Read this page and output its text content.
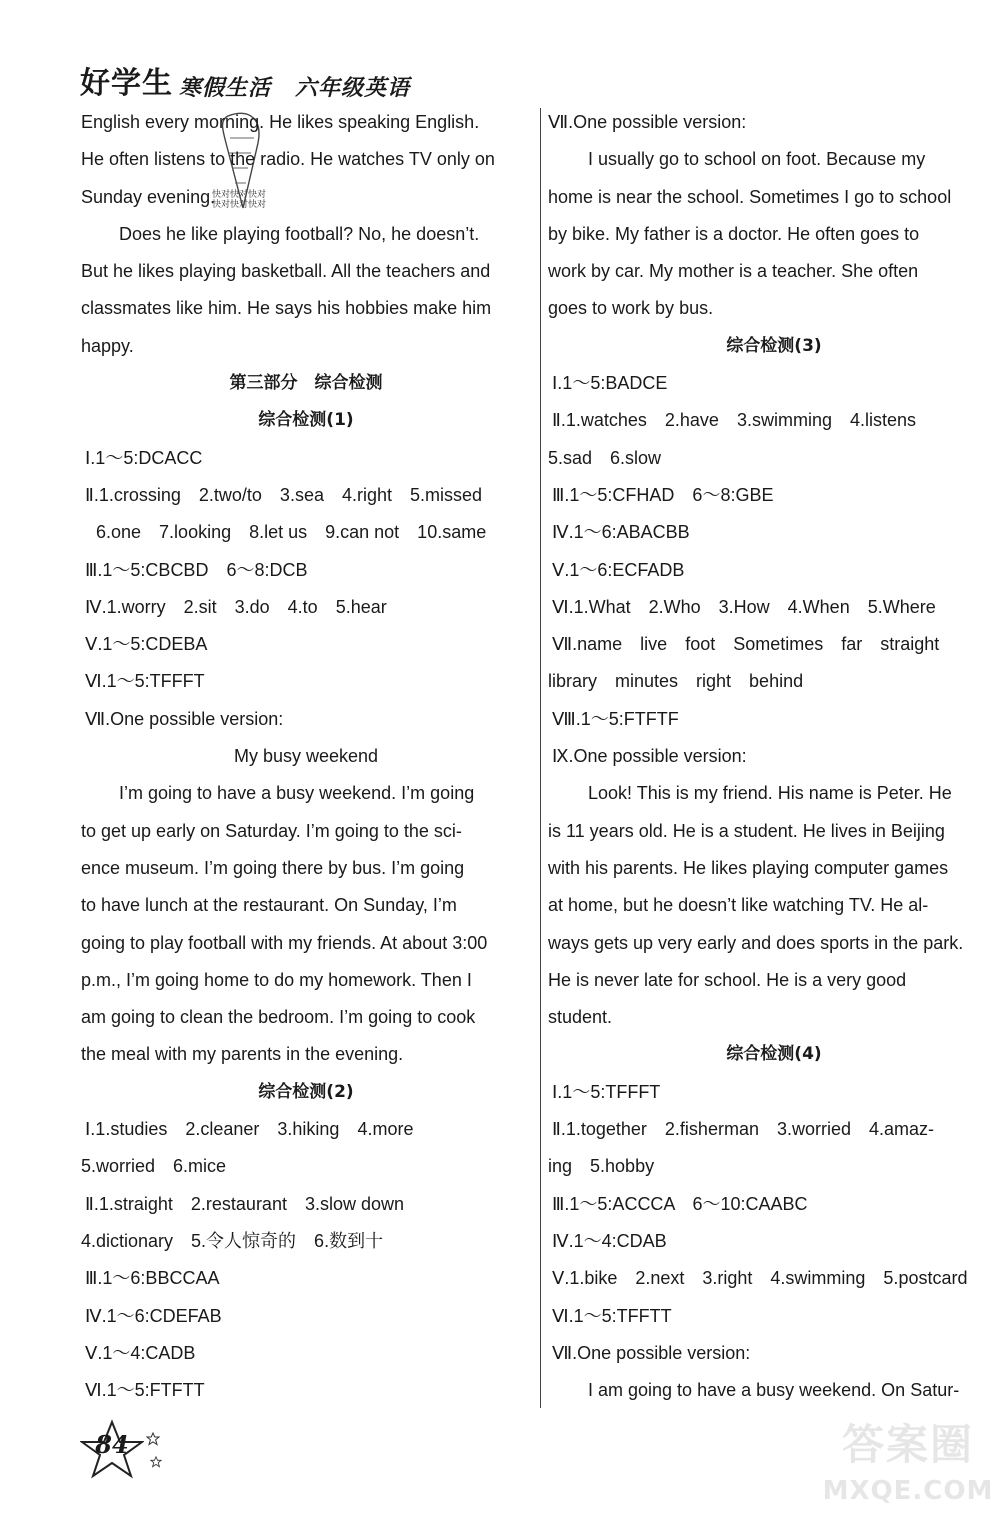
好学生 寒假生活 六年级英语
快对快对快对
快对快对快对
English every morning. He likes speaking English.
He often listens to the radio. He watches TV only on
Sunday evening.
Does he like playing football? No, he doesn’t.
But he likes playing basketball. All the teachers and
classmates like him. He says his hobbies make him
happy.
第三部分　综合检测
综合检测(1)
Ⅰ.1～5:DCACC
Ⅱ.1.crossing　2.two/to　3.sea　4.right　5.missed
6.one　7.looking　8.let us　9.can not　10.same
Ⅲ.1～5:CBCBD　6～8:DCB
Ⅳ.1.worry　2.sit　3.do　4.to　5.hear
Ⅴ.1～5:CDEBA
Ⅵ.1～5:TFFFT
Ⅶ.One possible version:
My busy weekend
I’m going to have a busy weekend. I’m going
to get up early on Saturday. I’m going to the sci-
ence museum. I’m going there by bus. I’m going
to have lunch at the restaurant. On Sunday, I’m
going to play football with my friends. At about 3:00
p.m., I’m going home to do my homework. Then I
am going to clean the bedroom. I’m going to cook
the meal with my parents in the evening.
综合检测(2)
Ⅰ.1.studies　2.cleaner　3.hiking　4.more
5.worried　6.mice
Ⅱ.1.straight　2.restaurant　3.slow down
4.dictionary　5.令人惊奇的　6.数到十
Ⅲ.1～6:BBCCAA
Ⅳ.1～6:CDEFAB
Ⅴ.1～4:CADB
Ⅵ.1～5:FTFTT
Ⅶ.One possible version:
I usually go to school on foot. Because my
home is near the school. Sometimes I go to school
by bike. My father is a doctor. He often goes to
work by car. My mother is a teacher. She often
goes to work by bus.
综合检测(3)
Ⅰ.1～5:BADCE
Ⅱ.1.watches　2.have　3.swimming　4.listens
5.sad　6.slow
Ⅲ.1～5:CFHAD　6～8:GBE
Ⅳ.1～6:ABACBB
Ⅴ.1～6:ECFADB
Ⅵ.1.What　2.Who　3.How　4.When　5.Where
Ⅶ.name　live　foot　Sometimes　far　straight
library　minutes　right　behind
Ⅷ.1～5:FTFTF
Ⅸ.One possible version:
Look! This is my friend. His name is Peter. He
is 11 years old. He is a student. He lives in Beijing
with his parents. He likes playing computer games
at home, but he doesn’t like watching TV. He al-
ways gets up very early and does sports in the park.
He is never late for school. He is a very good
student.
综合检测(4)
Ⅰ.1～5:TFFFT
Ⅱ.1.together　2.fisherman　3.worried　4.amaz-
ing　5.hobby
Ⅲ.1～5:ACCCA　6～10:CAABC
Ⅳ.1～4:CDAB
Ⅴ.1.bike　2.next　3.right　4.swimming　5.postcard
Ⅵ.1～5:TFFTT
Ⅶ.One possible version:
I am going to have a busy weekend. On Satur-
84	答案圈
MXQE.COM
